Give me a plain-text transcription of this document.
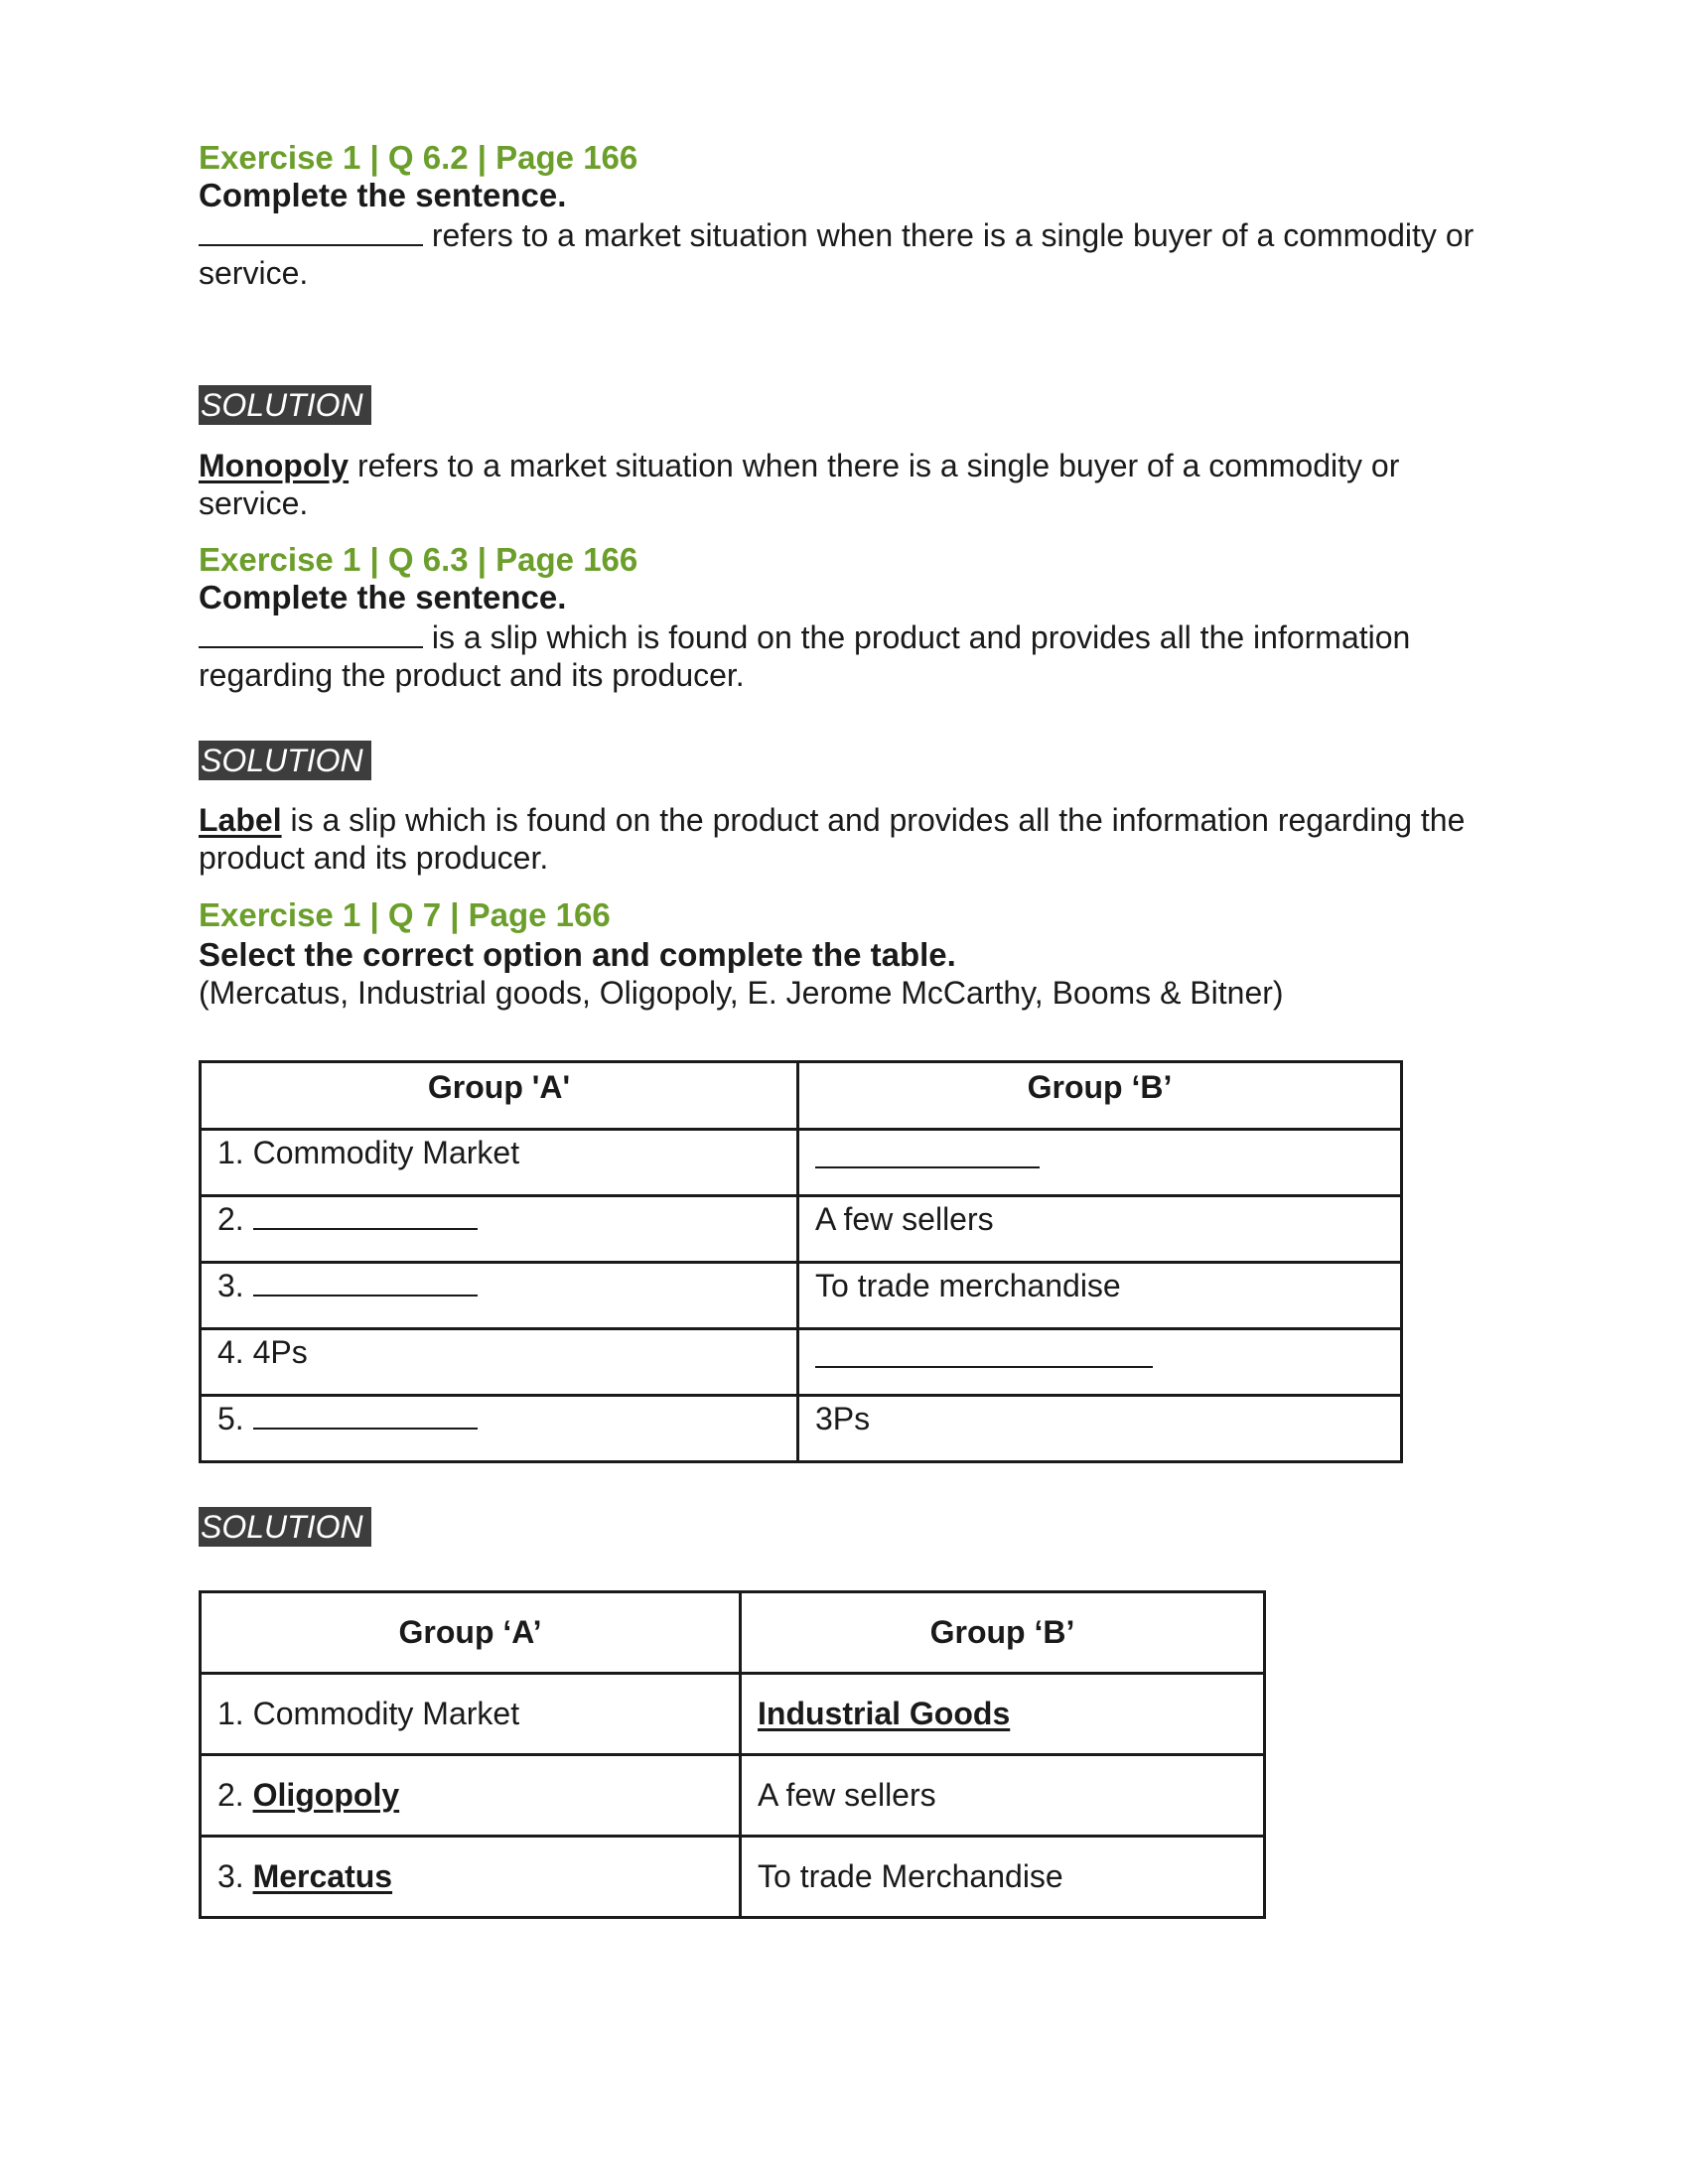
Exercise 1 | Q 6.2 | Page 166
Complete the sentence.
refers to a market situation when there is a single buyer of a commodity or service.
SOLUTION
Monopoly refers to a market situation when there is a single buyer of a commodity or service.
Exercise 1 | Q 6.3 | Page 166
Complete the sentence.
is a slip which is found on the product and provides all the information regarding the product and its producer.
SOLUTION
Label is a slip which is found on the product and provides all the information regarding the product and its producer.
Exercise 1 | Q 7 | Page 166
Select the correct option and complete the table.
(Mercatus, Industrial goods, Oligopoly, E. Jerome McCarthy, Booms & Bitner)
Group 'A'	Group ‘B’
1. Commodity Market	
2.	A few sellers
3.	To trade merchandise
4. 4Ps	
5.	3Ps
SOLUTION
Group ‘A’	Group ‘B’
1. Commodity Market	Industrial Goods
2. Oligopoly	A few sellers
3. Mercatus	To trade Merchandise
